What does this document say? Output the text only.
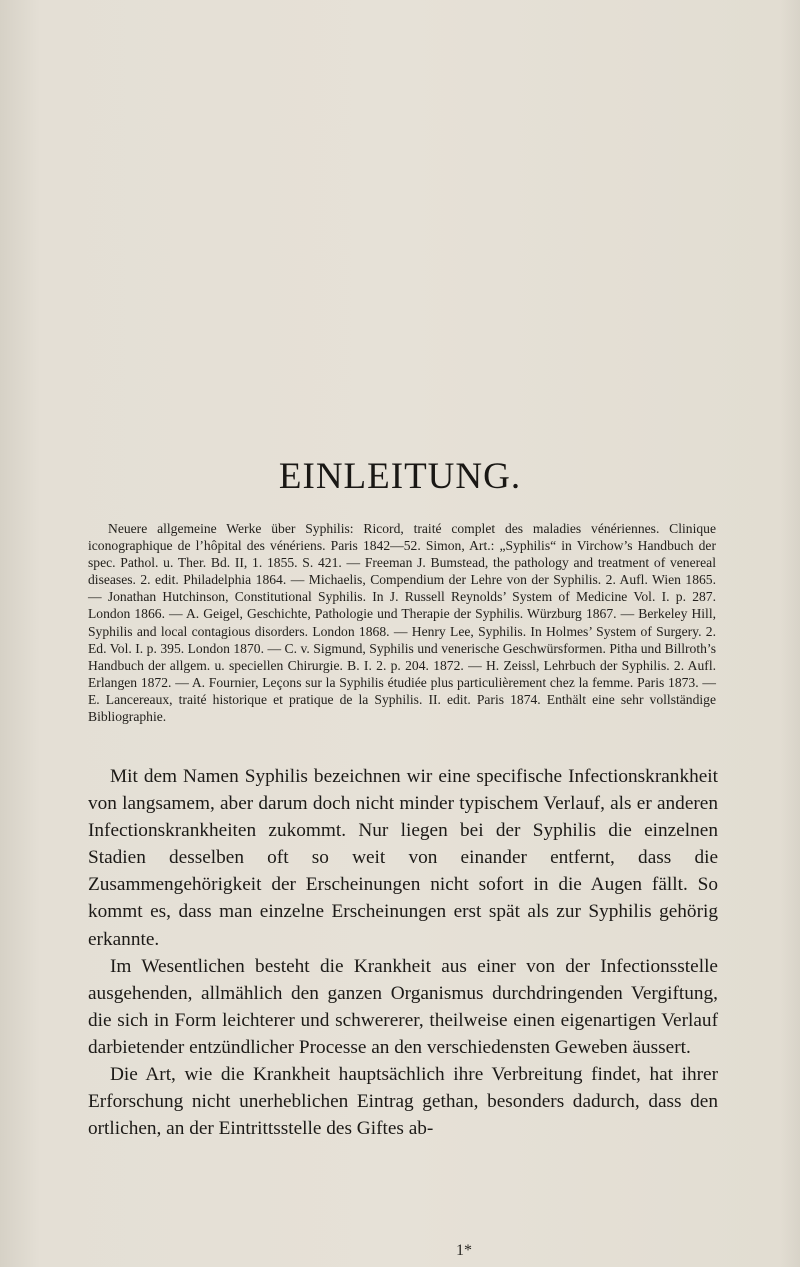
EINLEITUNG.

Neuere allgemeine Werke über Syphilis: Ricord, traité complet des maladies vénériennes. Clinique iconographique de l’hôpital des vénériens. Paris 1842—52. Simon, Art.: „Syphilis“ in Virchow’s Handbuch der spec. Pathol. u. Ther. Bd. II, 1. 1855. S. 421. — Freeman J. Bumstead, the pathology and treatment of venereal diseases. 2. edit. Philadelphia 1864. — Michaelis, Compendium der Lehre von der Syphilis. 2. Aufl. Wien 1865. — Jonathan Hutchinson, Constitutional Syphilis. In J. Russell Reynolds’ System of Medicine Vol. I. p. 287. London 1866. — A. Geigel, Geschichte, Pathologie und Therapie der Syphilis. Würzburg 1867. — Berkeley Hill, Syphilis and local contagious disorders. London 1868. — Henry Lee, Syphilis. In Holmes’ System of Surgery. 2. Ed. Vol. I. p. 395. London 1870. — C. v. Sigmund, Syphilis und venerische Geschwürsformen. Pitha und Billroth’s Handbuch der allgem. u. speciellen Chirurgie. B. I. 2. p. 204. 1872. — H. Zeissl, Lehrbuch der Syphilis. 2. Aufl. Erlangen 1872. — A. Fournier, Leçons sur la Syphilis étudiée plus particulièrement chez la femme. Paris 1873. — E. Lancereaux, traité historique et pratique de la Syphilis. II. edit. Paris 1874. Enthält eine sehr vollständige Bibliographie.

Mit dem Namen Syphilis bezeichnen wir eine specifische Infectionskrankheit von langsamem, aber darum doch nicht minder typischem Verlauf, als er anderen Infectionskrankheiten zukommt. Nur liegen bei der Syphilis die einzelnen Stadien desselben oft so weit von einander entfernt, dass die Zusammengehörigkeit der Erscheinungen nicht sofort in die Augen fällt. So kommt es, dass man einzelne Erscheinungen erst spät als zur Syphilis gehörig erkannte.

Im Wesentlichen besteht die Krankheit aus einer von der Infectionsstelle ausgehenden, allmählich den ganzen Organismus durchdringenden Vergiftung, die sich in Form leichterer und schwererer, theilweise einen eigenartigen Verlauf darbietender entzündlicher Processe an den verschiedensten Geweben äussert.

Die Art, wie die Krankheit hauptsächlich ihre Verbreitung findet, hat ihrer Erforschung nicht unerheblichen Eintrag gethan, besonders dadurch, dass den ortlichen, an der Eintrittsstelle des Giftes ab-

1*
